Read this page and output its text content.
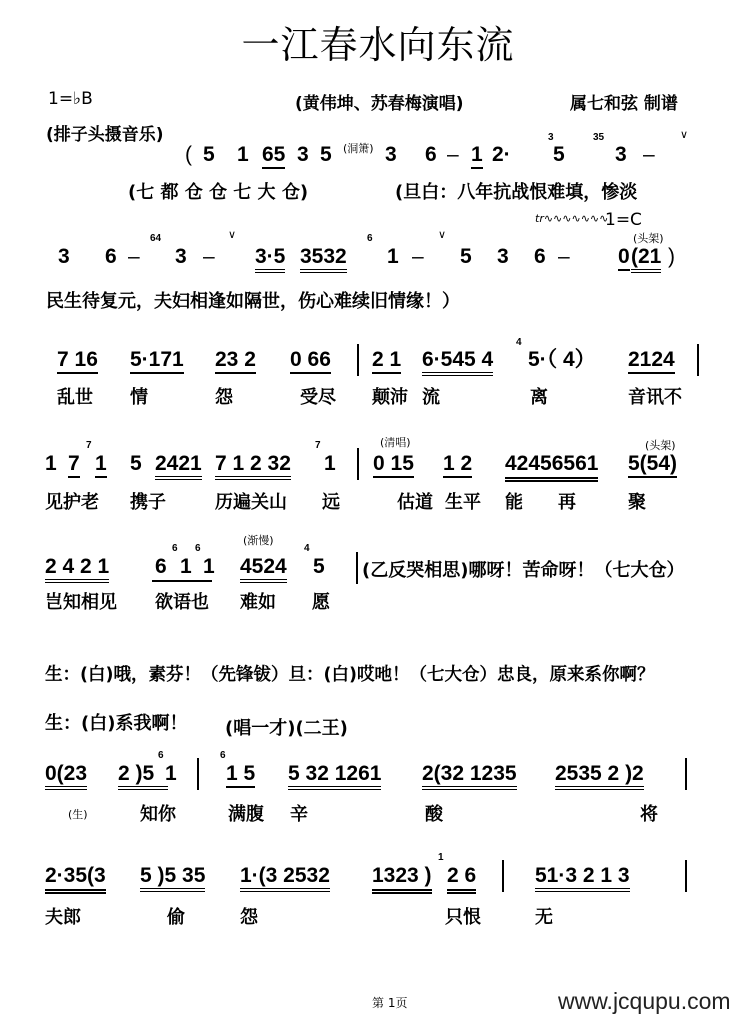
一江春水向东流
1=♭B	(黄伟坤、苏春梅演唱)	属七和弦 制谱
(排子头摄音乐)
( 5 1 65 3 5 (洞箫) 3 6 – 1 2·
3
5
35
3 –
∨
(七 都 仓 仓 七 大 仓)	(旦白：八年抗战恨难填，惨淡
tr∿∿∿∿∿∿∿
1=C
(头架)
3 6 –
64
3 –
∨
3·5 3532
6
1 –
∨
5 3 6 – 0 (21 )
民生待复元，夫妇相逢如隔世，伤心难续旧情缘！）
7 16 5·171 23 2 0 66 2 1 6·545 4
4
5·（ 4） 2124
乱世 情	怨	受尽 颠沛 流	离	音讯不
(清唱)	(头架)
1 7
7
1 5 2421 7 1 2 32
7
1 0 15 1 2 42456561 5(54)
见护老 携子	历遍关山 远	估道 生平 能 再	聚
(渐慢)
2 4 2 1 6
6
1
6
1 4524
4
5 (乙反哭相思)哪呀！苦命呀！（七大仓）
岂知相见 欲语也 难如 愿
生：(白)哦，素芬！（先锋钹）旦：(白)哎吔！（七大仓）忠良，原来系你啊？
生：(白)系我啊！ (唱一才)(二王)
0(23 2 )5
6
1
6
1 5 5 32 1261 2(32 1235 2535 2 )2
(生)	知你	满腹 辛	酸	将
2·35(3 5 )5 35 1·(3 2532 1323 )
1
2 6	51·3 2 1 3
夫郎	偷	怨	只恨	无
第 1页	www.jcqupu.com
